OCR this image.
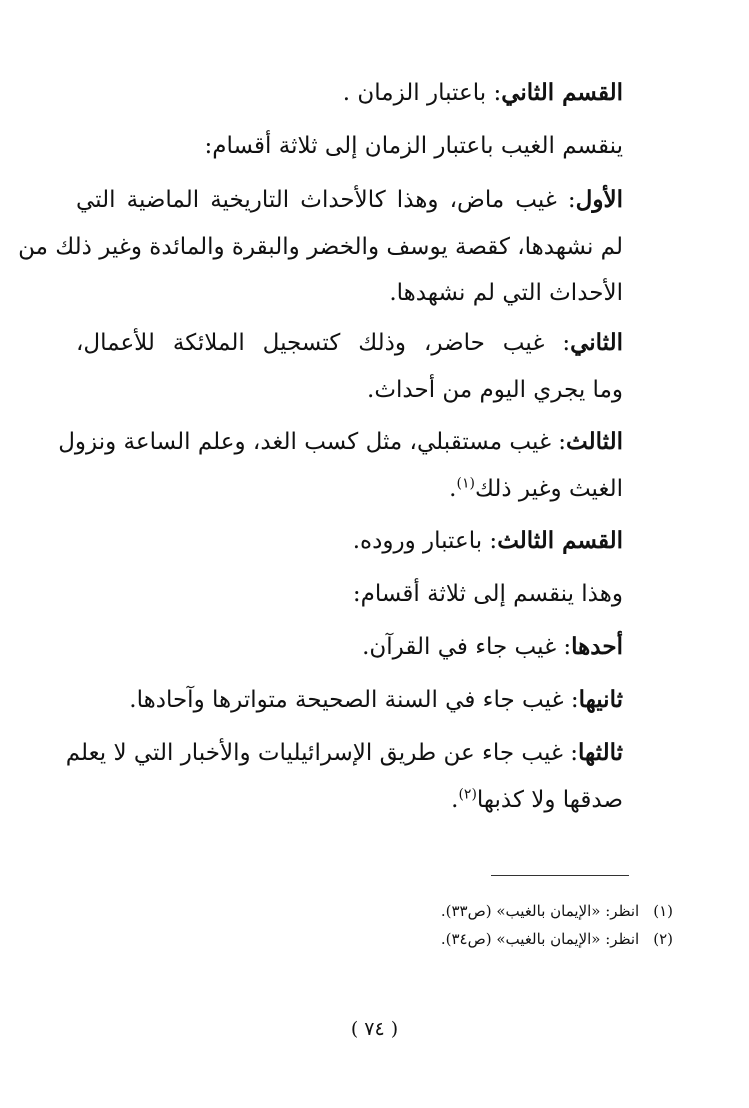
القسم الثاني: باعتبار الزمان .
ينقسم الغيب باعتبار الزمان إلى ثلاثة أقسام:
الأول: غيب ماض، وهذا كالأحداث التاريخية الماضية التي
لم نشهدها، كقصة يوسف والخضر والبقرة والمائدة وغير ذلك من
الأحداث التي لم نشهدها.
الثاني: غيب حاضر، وذلك كتسجيل الملائكة للأعمال،
وما يجري اليوم من أحداث.
الثالث: غيب مستقبلي، مثل كسب الغد، وعلم الساعة ونزول
الغيث وغير ذلك$^{(١)}$.
القسم الثالث: باعتبار وروده.
وهذا ينقسم إلى ثلاثة أقسام:
أحدها: غيب جاء في القرآن.
ثانيها: غيب جاء في السنة الصحيحة متواترها وآحادها.
ثالثها: غيب جاء عن طريق الإسرائيليات والأخبار التي لا يعلم
صدقها ولا كذبها$^{(٢)}$.
(١)انظر: «الإيمان بالغيب» (ص٣٣).
(٢)انظر: «الإيمان بالغيب» (ص٣٤).
( ٧٤ )
